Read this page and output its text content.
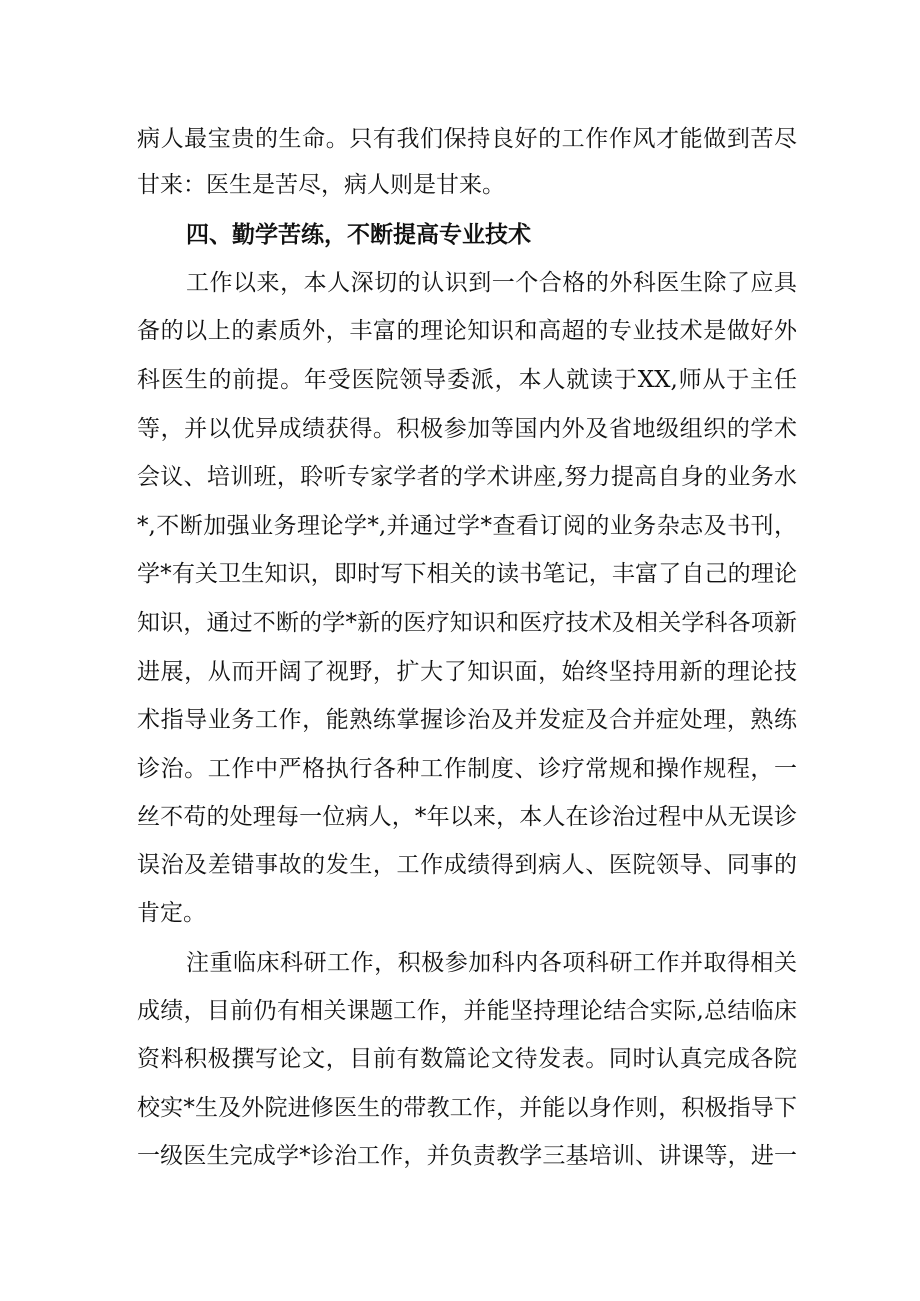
病人最宝贵的生命。只有我们保持良好的工作作风才能做到苦尽
甘来：医生是苦尽，病人则是甘来。
四、勤学苦练，不断提高专业技术
工作以来，本人深切的认识到一个合格的外科医生除了应具
备的以上的素质外，丰富的理论知识和高超的专业技术是做好外
科医生的前提。年受医院领导委派，本人就读于XX,师从于主任
等，并以优异成绩获得。积极参加等国内外及省地级组织的学术
会议、培训班，聆听专家学者的学术讲座,努力提高自身的业务水
*,不断加强业务理论学*,并通过学*查看订阅的业务杂志及书刊，
学*有关卫生知识，即时写下相关的读书笔记，丰富了自己的理论
知识，通过不断的学*新的医疗知识和医疗技术及相关学科各项新
进展，从而开阔了视野，扩大了知识面，始终坚持用新的理论技
术指导业务工作，能熟练掌握诊治及并发症及合并症处理，熟练
诊治。工作中严格执行各种工作制度、诊疗常规和操作规程，一
丝不苟的处理每一位病人，*年以来，本人在诊治过程中从无误诊
误治及差错事故的发生，工作成绩得到病人、医院领导、同事的
肯定。
注重临床科研工作，积极参加科内各项科研工作并取得相关
成绩，目前仍有相关课题工作，并能坚持理论结合实际,总结临床
资料积极撰写论文，目前有数篇论文待发表。同时认真完成各院
校实*生及外院进修医生的带教工作，并能以身作则，积极指导下
一级医生完成学*诊治工作，并负责教学三基培训、讲课等，进一
